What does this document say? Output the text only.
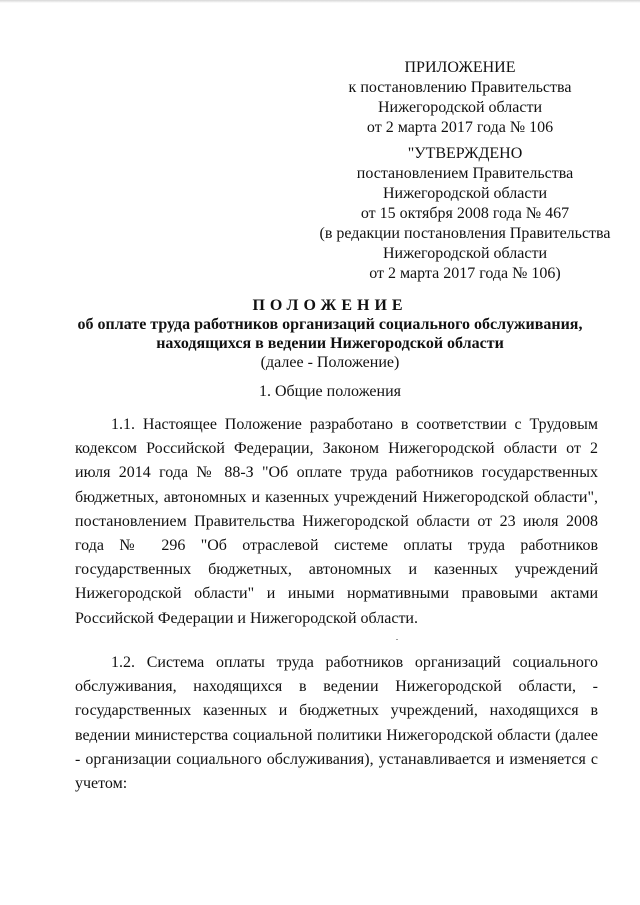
ПРИЛОЖЕНИЕ
к постановлению Правительства
Нижегородской области
от 2 марта 2017 года № 106
"УТВЕРЖДЕНО
постановлением Правительства
Нижегородской области
от 15 октября 2008 года № 467
(в редакции постановления Правительства
Нижегородской области
от 2 марта 2017 года № 106)
ПОЛОЖЕНИЕ
об оплате труда работников организаций социального обслуживания,
находящихся в ведении Нижегородской области
(далее - Положение)
1. Общие положения

1.1. Настоящее Положение разработано в соответствии с Трудовым кодексом Российской Федерации, Законом Нижегородской области от 2 июля 2014 года № 88-З "Об оплате труда работников государственных бюджетных, автономных и казенных учреждений Нижегородской области", постановлением Правительства Нижегородской области от 23 июля 2008 года № 296 "Об отраслевой системе оплаты труда работников государственных бюджетных, автономных и казенных учреждений Нижегородской области" и иными нормативными правовыми актами Российской Федерации и Нижегородской области.

1.2. Система оплаты труда работников организаций социального обслуживания, находящихся в ведении Нижегородской области, - государственных казенных и бюджетных учреждений, находящихся в ведении министерства социальной политики Нижегородской области (далее - организации социального обслуживания), устанавливается и изменяется с учетом:
